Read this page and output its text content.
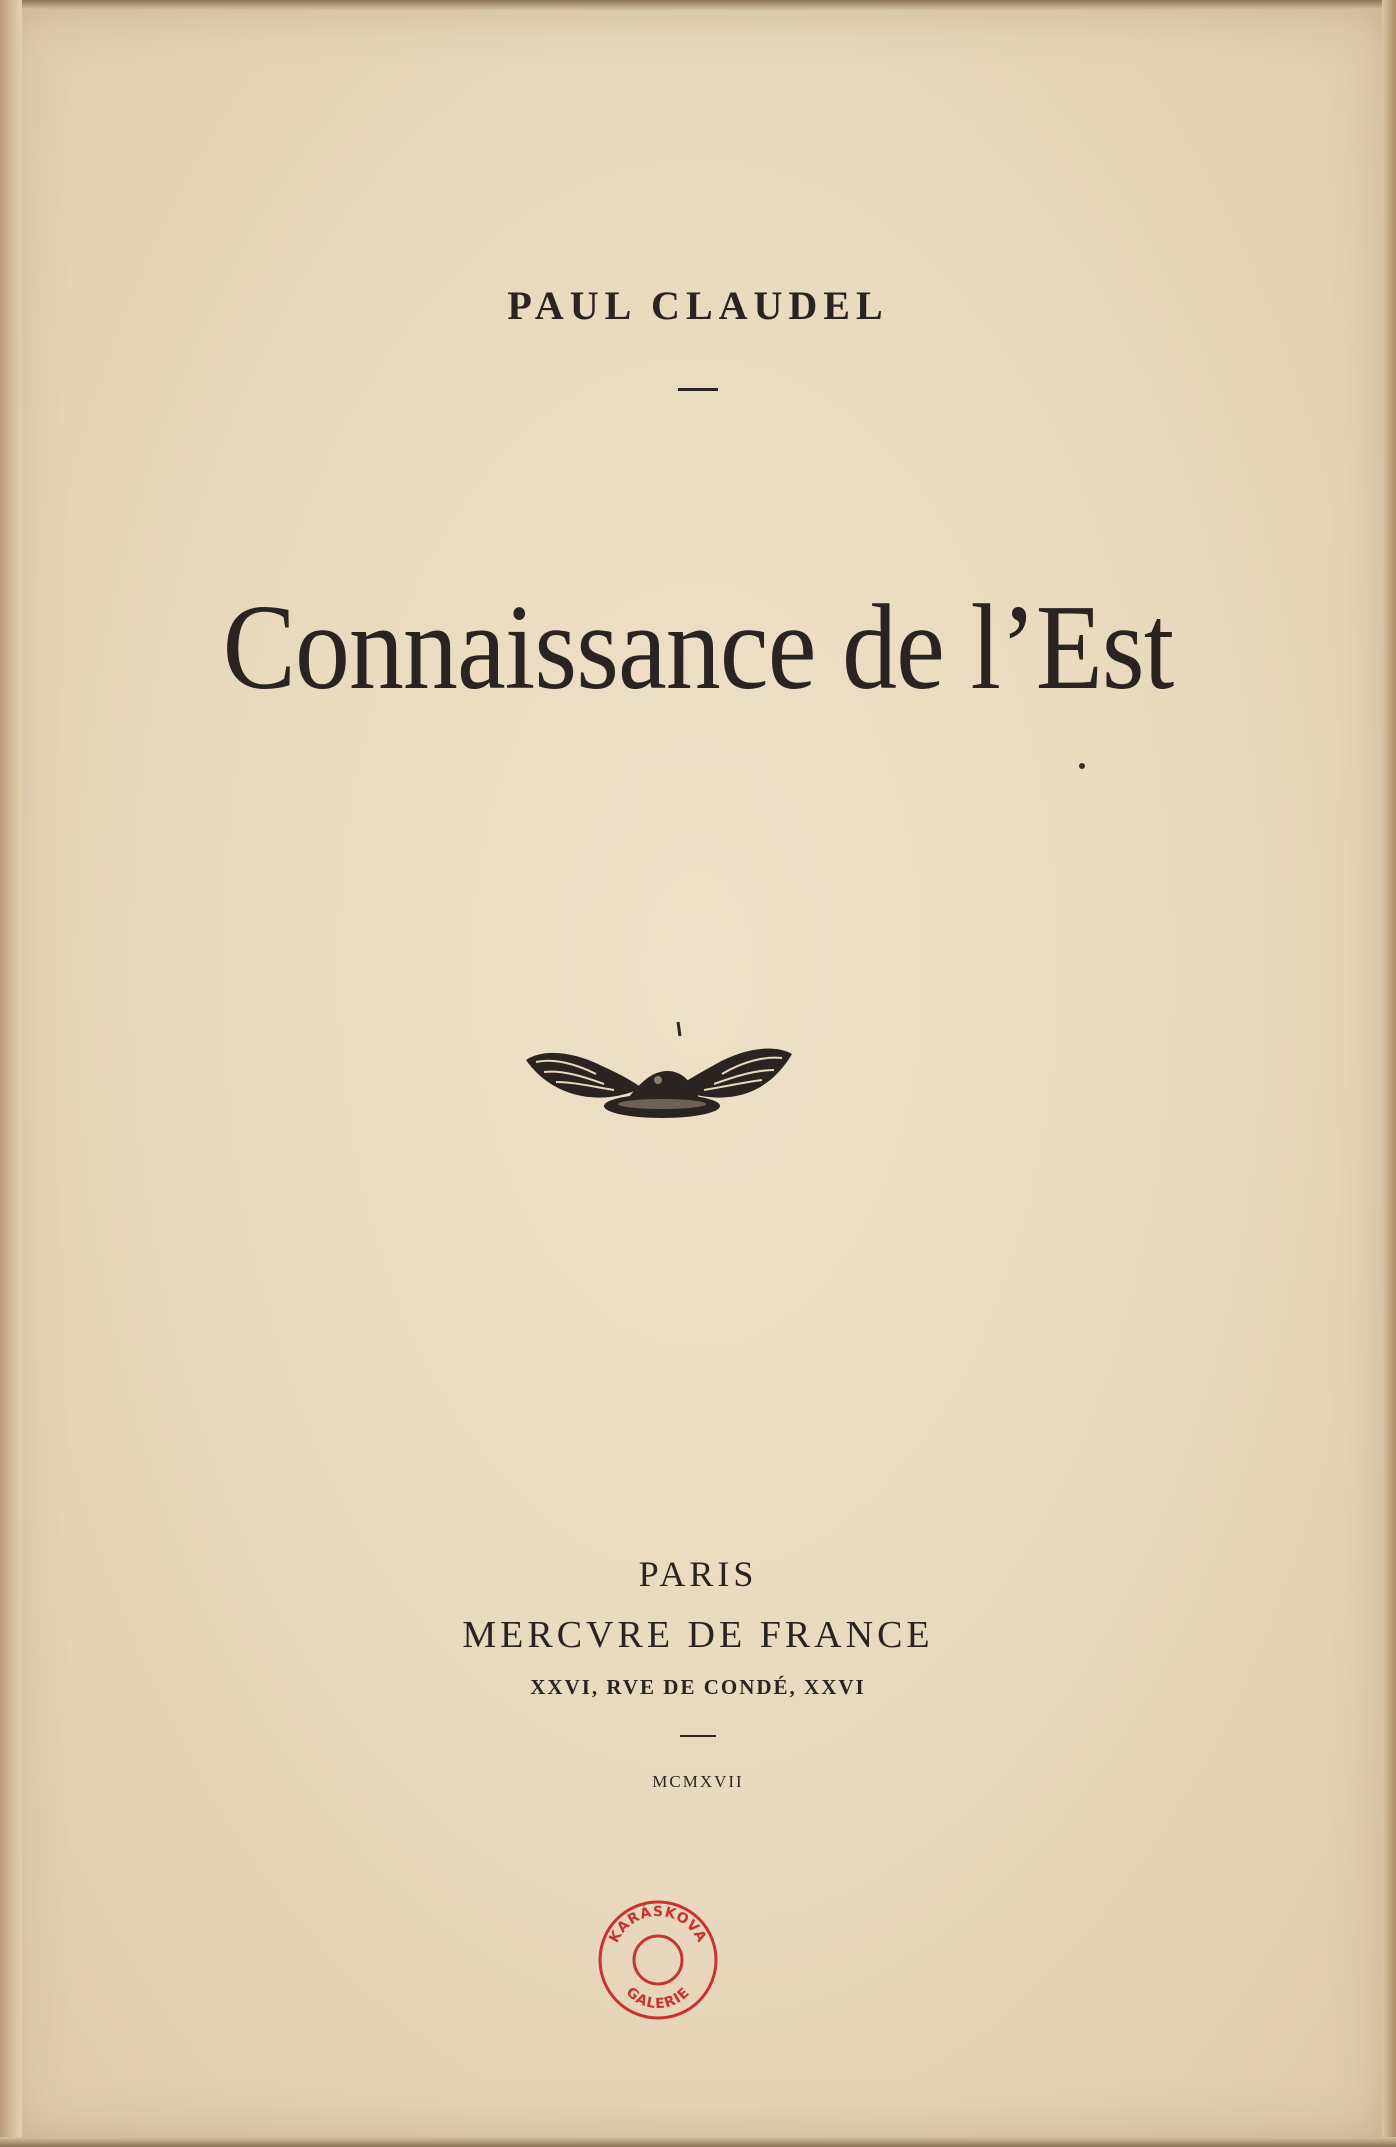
PAUL CLAUDEL
Connaissance de l’Est
PARIS
MERCVRE DE FRANCE
XXVI, RVE DE CONDÉ, XXVI
MCMXVII
KARÁSKOVA
GALERIE
